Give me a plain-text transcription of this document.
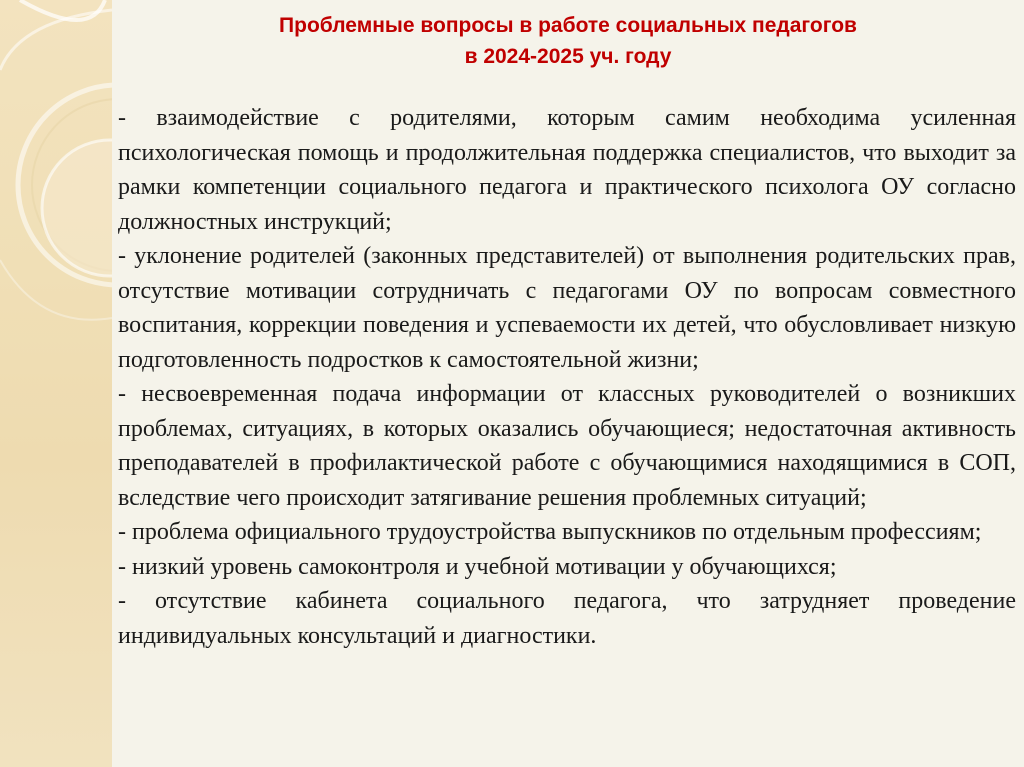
Проблемные вопросы в работе социальных педагогов
в 2024-2025 уч. году

- взаимодействие с родителями, которым самим необходима усиленная психологическая помощь и продолжительная поддержка специалистов, что выходит за рамки компетенции социального педагога и практического психолога ОУ согласно должностных инструкций;

- уклонение родителей (законных представителей) от выполнения родительских прав, отсутствие мотивации сотрудничать с педагогами ОУ по вопросам совместного воспитания, коррекции поведения и успеваемости их детей, что обусловливает низкую подготовленность подростков к самостоятельной жизни;

- несвоевременная подача информации от классных руководителей о возникших проблемах, ситуациях, в которых оказались обучающиеся; недостаточная активность преподавателей в профилактической работе с обучающимися находящимися в СОП, вследствие чего происходит затягивание решения проблемных ситуаций;

- проблема официального трудоустройства выпускников по отдельным профессиям;

- низкий уровень самоконтроля и учебной мотивации у обучающихся;

- отсутствие кабинета социального педагога, что затрудняет проведение индивидуальных консультаций и диагностики.
